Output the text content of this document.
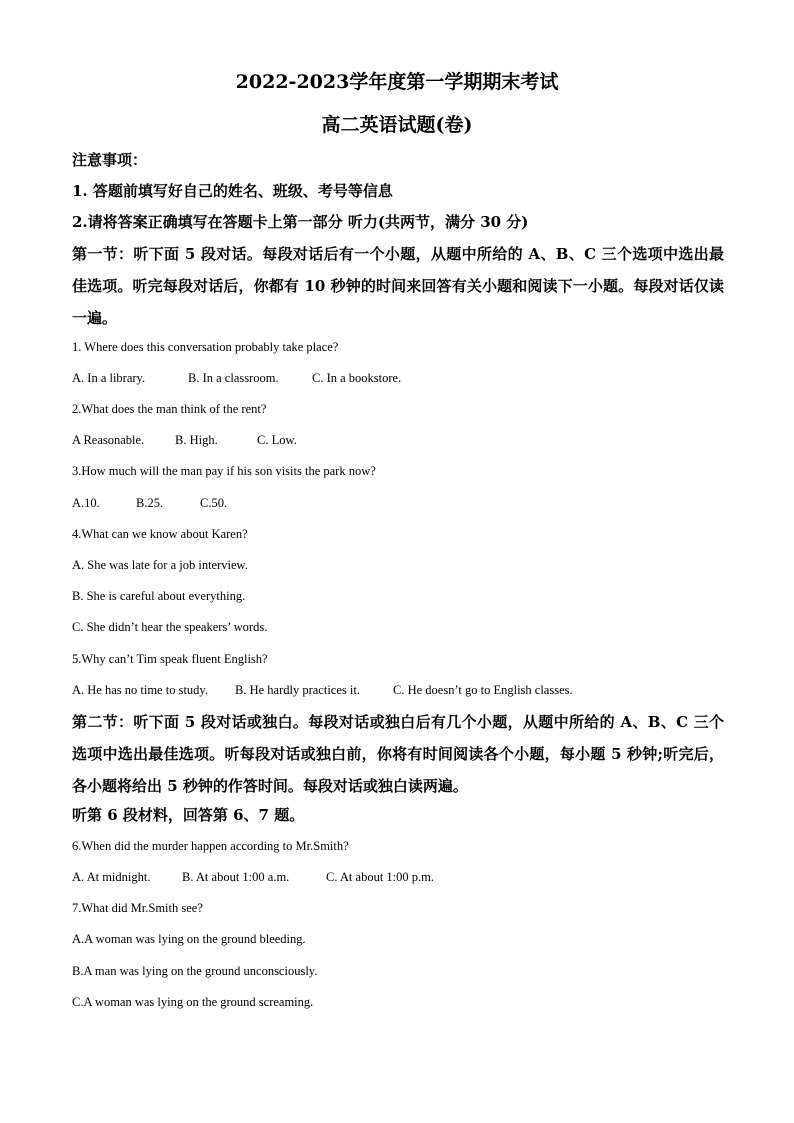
2022-2023学年度第一学期期末考试
高二英语试题(卷)
注意事项：
1. 答题前填写好自己的姓名、班级、考号等信息
2.请将答案正确填写在答题卡上第一部分 听力(共两节，满分 30 分)
第一节：听下面 5 段对话。每段对话后有一个小题，从题中所给的 A、B、C 三个选项中选出最佳选项。听完每段对话后，你都有 10 秒钟的时间来回答有关小题和阅读下一小题。每段对话仅读一遍。
1. Where does this conversation probably take place?
A. In a library.	B. In a classroom.	C. In a bookstore.
2.What does the man think of the rent?
A Reasonable. B. High.	C. Low.
3.How much will the man pay if his son visits the park now?
A.10.	B.25.	C.50.
4.What can we know about Karen?
A. She was late for a job interview.
B. She is careful about everything.
C. She didn’t hear the speakers’ words.
5.Why can’t Tim speak fluent English?
A. He has no time to study. B. He hardly practices it.	C. He doesn’t go to English classes.
第二节：听下面 5 段对话或独白。每段对话或独白后有几个小题，从题中所给的 A、B、C 三个选项中选出最佳选项。听每段对话或独白前，你将有时间阅读各个小题，每小题 5 秒钟;听完后，各小题将给出 5 秒钟的作答时间。每段对话或独白读两遍。
听第 6 段材料，回答第 6、7 题。
6.When did the murder happen according to Mr.Smith?
A. At midnight.	B. At about 1:00 a.m.	C. At about 1:00 p.m.
7.What did Mr.Smith see?
A.A woman was lying on the ground bleeding.
B.A man was lying on the ground unconsciously.
C.A woman was lying on the ground screaming.
